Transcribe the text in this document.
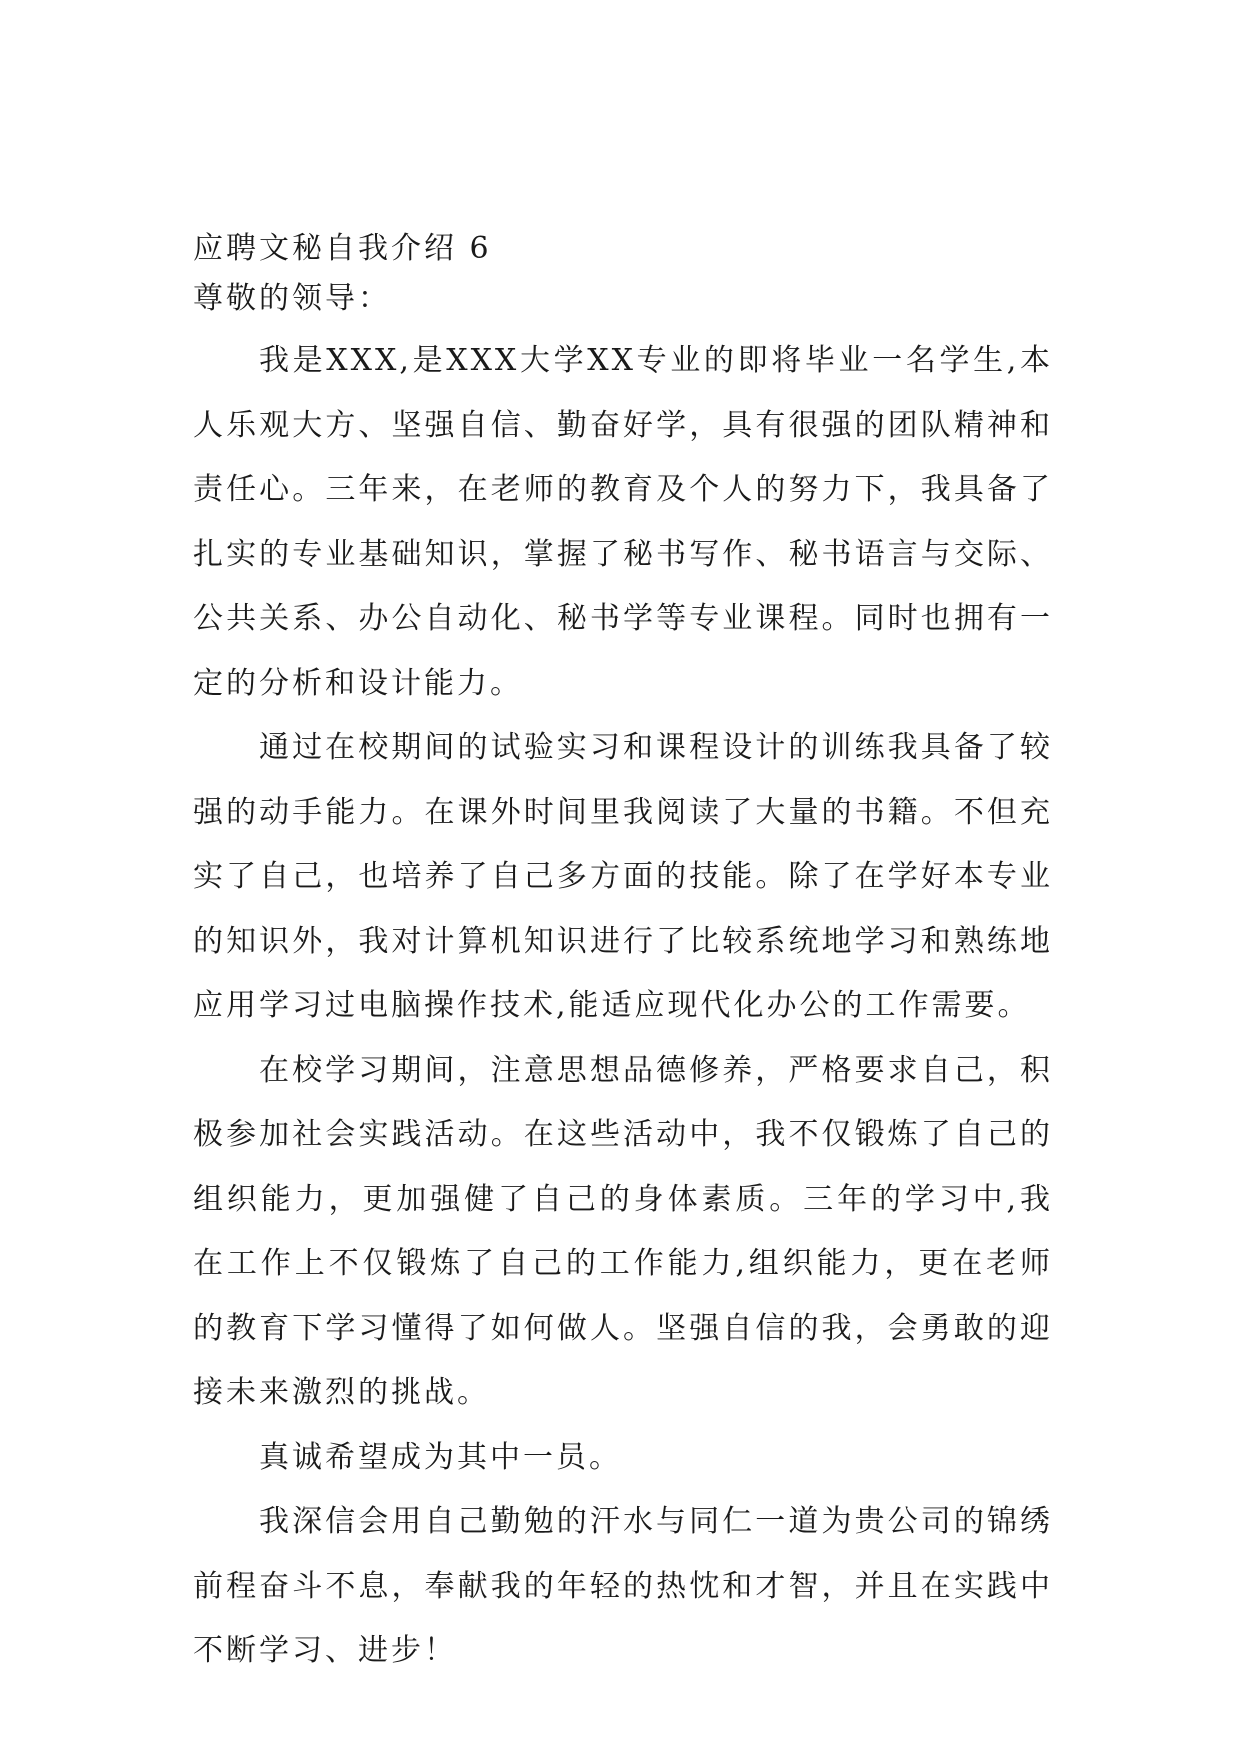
应聘文秘自我介绍 6

尊敬的领导：

我是XXX,是XXX大学XX专业的即将毕业一名学生,本人乐观大方、坚强自信、勤奋好学，具有很强的团队精神和责任心。三年来，在老师的教育及个人的努力下，我具备了扎实的专业基础知识，掌握了秘书写作、秘书语言与交际、公共关系、办公自动化、秘书学等专业课程。同时也拥有一定的分析和设计能力。

通过在校期间的试验实习和课程设计的训练我具备了较强的动手能力。在课外时间里我阅读了大量的书籍。不但充实了自己，也培养了自己多方面的技能。除了在学好本专业的知识外，我对计算机知识进行了比较系统地学习和熟练地应用学习过电脑操作技术,能适应现代化办公的工作需要。

在校学习期间，注意思想品德修养，严格要求自己，积极参加社会实践活动。在这些活动中，我不仅锻炼了自己的组织能力，更加强健了自己的身体素质。三年的学习中,我在工作上不仅锻炼了自己的工作能力,组织能力，更在老师的教育下学习懂得了如何做人。坚强自信的我，会勇敢的迎接未来激烈的挑战。

真诚希望成为其中一员。

我深信会用自己勤勉的汗水与同仁一道为贵公司的锦绣前程奋斗不息，奉献我的年轻的热忱和才智，并且在实践中不断学习、进步！
